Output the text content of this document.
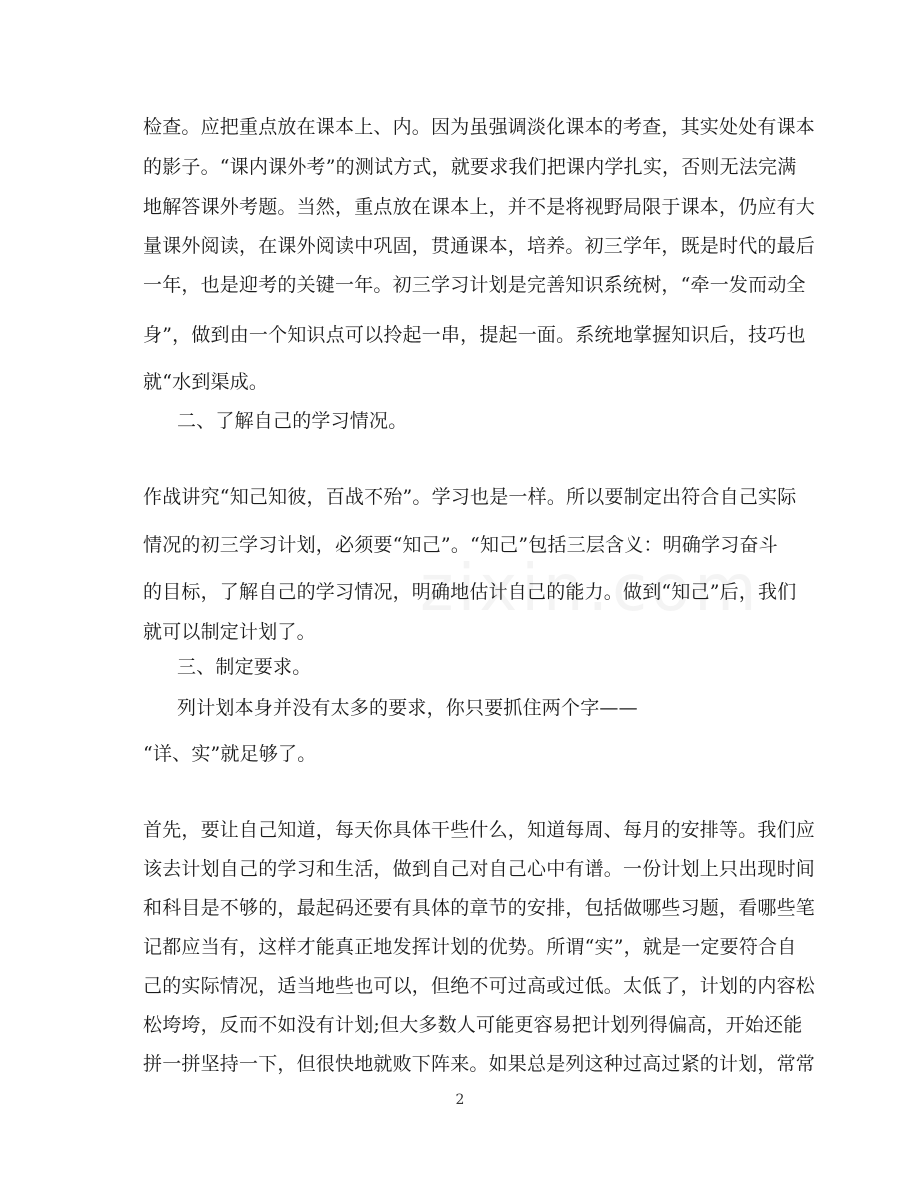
检查。应把重点放在课本上、内。因为虽强调淡化课本的考查，其实处处有课本
的影子。“课内课外考”的测试方式，就要求我们把课内学扎实，否则无法完满
地解答课外考题。当然，重点放在课本上，并不是将视野局限于课本，仍应有大
量课外阅读，在课外阅读中巩固，贯通课本，培养。初三学年，既是时代的最后
一年，也是迎考的关键一年。初三学习计划是完善知识系统树，“牵一发而动全
身”，做到由一个知识点可以拎起一串，提起一面。系统地掌握知识后，技巧也
就“水到渠成。
二、了解自己的学习情况。
作战讲究“知己知彼，百战不殆”。学习也是一样。所以要制定出符合自己实际
情况的初三学习计划，必须要“知己”。“知己”包括三层含义：明确学习奋斗
的目标，了解自己的学习情况，明确地估计自己的能力。做到“知己”后，我们
就可以制定计划了。
三、制定要求。
列计划本身并没有太多的要求，你只要抓住两个字——
“详、实”就足够了。
首先，要让自己知道，每天你具体干些什么，知道每周、每月的安排等。我们应
该去计划自己的学习和生活，做到自己对自己心中有谱。一份计划上只出现时间
和科目是不够的，最起码还要有具体的章节的安排，包括做哪些习题，看哪些笔
记都应当有，这样才能真正地发挥计划的优势。所谓“实”，就是一定要符合自
己的实际情况，适当地些也可以，但绝不可过高或过低。太低了，计划的内容松
松垮垮，反而不如没有计划;但大多数人可能更容易把计划列得偏高，开始还能
拼一拼坚持一下，但很快地就败下阵来。如果总是列这种过高过紧的计划，常常
2
